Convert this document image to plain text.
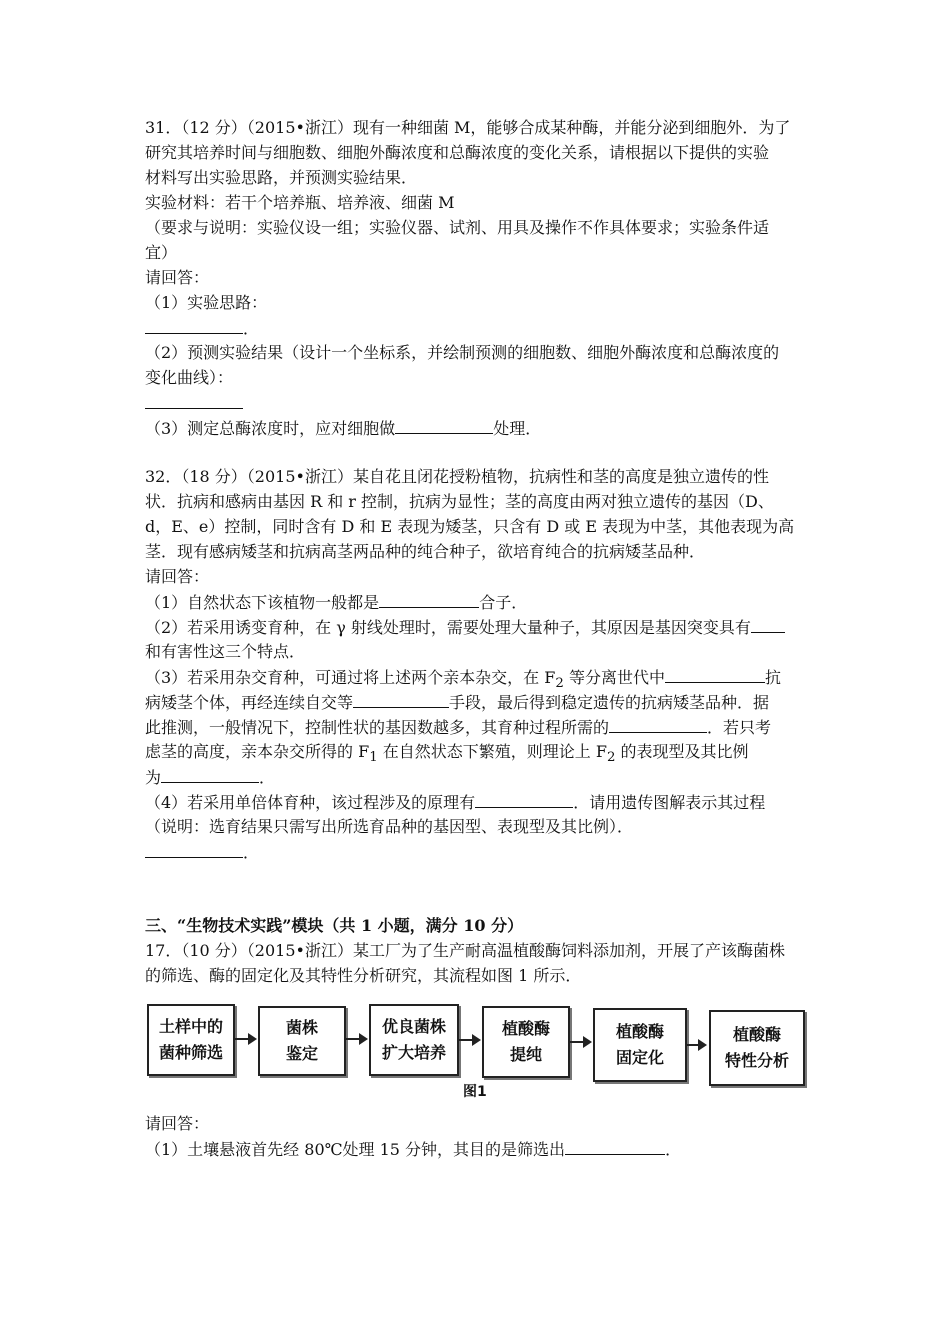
31．（12 分）（2015•浙江）现有一种细菌 M，能够合成某种酶，并能分泌到细胞外．为了
研究其培养时间与细胞数、细胞外酶浓度和总酶浓度的变化关系，请根据以下提供的实验
材料写出实验思路，并预测实验结果．
实验材料：若干个培养瓶、培养液、细菌 M
（要求与说明：实验仪设一组；实验仪器、试剂、用具及操作不作具体要求；实验条件适
宜）
请回答：
（1）实验思路：
．
（2）预测实验结果（设计一个坐标系，并绘制预测的细胞数、细胞外酶浓度和总酶浓度的
变化曲线）：
（3）测定总酶浓度时，应对细胞做	处理．
32．（18 分）（2015•浙江）某自花且闭花授粉植物，抗病性和茎的高度是独立遗传的性
状．抗病和感病由基因 R 和 r 控制，抗病为显性；茎的高度由两对独立遗传的基因（D、
d，E、e）控制，同时含有 D 和 E 表现为矮茎，只含有 D 或 E 表现为中茎，其他表现为高
茎．现有感病矮茎和抗病高茎两品种的纯合种子，欲培育纯合的抗病矮茎品种．
请回答：
（1）自然状态下该植物一般都是	合子．
（2）若采用诱变育种，在 γ 射线处理时，需要处理大量种子，其原因是基因突变具有
和有害性这三个特点．
（3）若采用杂交育种，可通过将上述两个亲本杂交，在 $F_2$ 等分离世代中	抗
病矮茎个体，再经连续自交等	手段，最后得到稳定遗传的抗病矮茎品种．据
此推测，一般情况下，控制性状的基因数越多，其育种过程所需的	．若只考
虑茎的高度，亲本杂交所得的 $F_1$ 在自然状态下繁殖，则理论上 $F_2$ 的表现型及其比例
为	．
（4）若采用单倍体育种，该过程涉及的原理有	．请用遗传图解表示其过程
（说明：选育结果只需写出所选育品种的基因型、表现型及其比例）．
．
三、“生物技术实践”模块（共 1 小题，满分 10 分）
17．（10 分）（2015•浙江）某工厂为了生产耐高温植酸酶饲料添加剂，开展了产该酶菌株
的筛选、酶的固定化及其特性分析研究，其流程如图 1 所示．
土样中的
菌种筛选
菌株
鉴定
优良菌株
扩大培养
植酸酶
提纯
植酸酶
固定化
植酸酶
特性分析
图1
请回答：
（1）土壤悬液首先经 80℃处理 15 分钟，其目的是筛选出	．
